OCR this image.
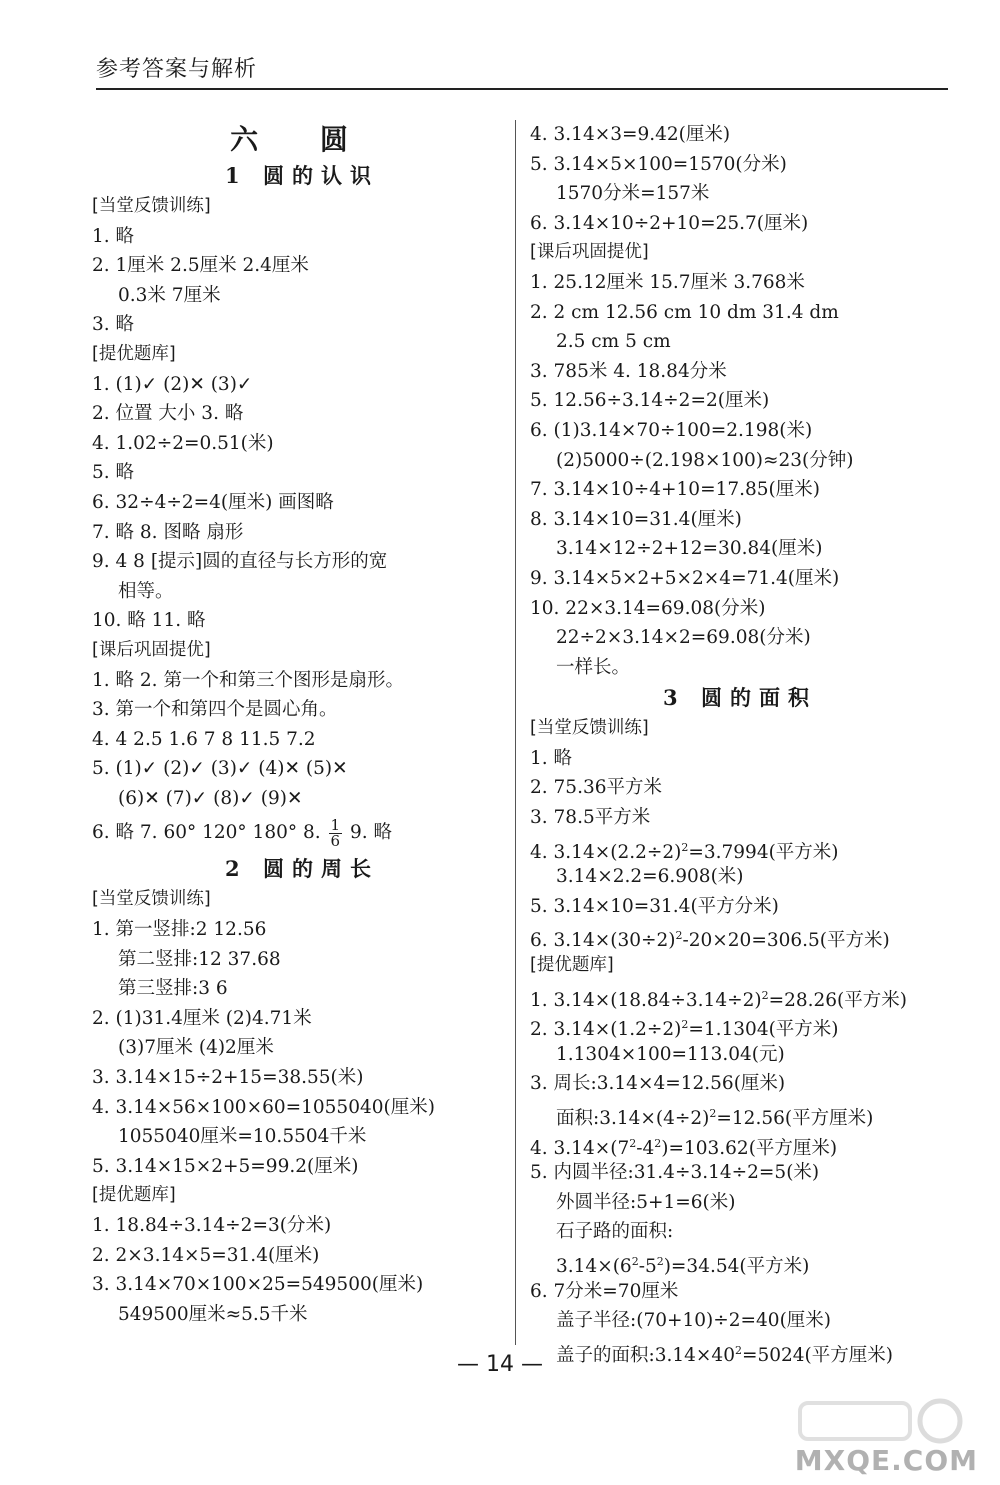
参考答案与解析
六 圆
1 圆的认识
[当堂反馈训练]
1. 略
2. 1厘米 2.5厘米 2.4厘米
0.3米 7厘米
3. 略
[提优题库]
1. (1)✓ (2)✕ (3)✓
2. 位置 大小 3. 略
4. 1.02÷2=0.51(米)
5. 略
6. 32÷4÷2=4(厘米) 画图略
7. 略 8. 图略 扇形
9. 4 8 [提示]圆的直径与长方形的宽
相等。
10. 略 11. 略
[课后巩固提优]
1. 略 2. 第一个和第三个图形是扇形。
3. 第一个和第四个是圆心角。
4. 4 2.5 1.6 7 8 11.5 7.2
5. (1)✓ (2)✓ (3)✓ (4)✕ (5)✕
(6)✕ (7)✓ (8)✓ (9)✕
6. 略 7. 60° 120° 180° 8. $\frac{1}{6} 9$. 略
2 圆的周长
[当堂反馈训练]
1. 第一竖排:2 12.56
第二竖排:12 37.68
第三竖排:3 6
2. (1)31.4厘米 (2)4.71米
(3)7厘米 (4)2厘米
3. 3.14×15÷2+15=38.55(米)
4. 3.14×56×100×60=1055040(厘米)
1055040厘米=10.5504千米
5. 3.14×15×2+5=99.2(厘米)
[提优题库]
1. 18.84÷3.14÷2=3(分米)
2. 2×3.14×5=31.4(厘米)
3. 3.14×70×100×25=549500(厘米)
549500厘米≈5.5千米
4. 3.14×3=9.42(厘米)
5. 3.14×5×100=1570(分米)
1570分米=157米
6. 3.14×10÷2+10=25.7(厘米)
[课后巩固提优]
1. 25.12厘米 15.7厘米 3.768米
2. 2 cm 12.56 cm 10 dm 31.4 dm
2.5 cm 5 cm
3. 785米 4. 18.84分米
5. 12.56÷3.14÷2=2(厘米)
6. (1)3.14×70÷100=2.198(米)
(2)5000÷(2.198×100)≈23(分钟)
7. 3.14×10÷4+10=17.85(厘米)
8. 3.14×10=31.4(厘米)
3.14×12÷2+12=30.84(厘米)
9. 3.14×5×2+5×2×4=71.4(厘米)
10. 22×3.14=69.08(分米)
22÷2×3.14×2=69.08(分米)
一样长。
3 圆的面积
[当堂反馈训练]
1. 略
2. 75.36平方米
3. 78.5平方米
4. $3.14\times(2.2\div 2)^2=3.7994$(平方米)
3.14×2.2=6.908(米)
5. 3.14×10=31.4(平方分米)
6. $3.14\times(30\div 2)^2-20\times 20=306.5$(平方米)
[提优题库]
1. $3.14\times(18.84\div 3.14\div 2)^2=28.26$(平方米)
2. $3.14\times(1.2\div 2)^2=1.1304$(平方米)
1.1304×100=113.04(元)
3. 周长:3.14×4=12.56(厘米)
面积$:3.14\times(4\div 2)^2=12.56$(平方厘米)
4. $3.14\times(7^2-4^2)=103.62$(平方厘米)
5. 内圆半径:31.4÷3.14÷2=5(米)
外圆半径:5+1=6(米)
石子路的面积:
$3.14\times(6^2-5^2)=34.54$(平方米)
6. 7分米=70厘米
盖子半径:(70+10)÷2=40(厘米)
盖子的面积$:3.14\times 40^2=5024$(平方厘米)
— 14 —
MXQE.COM
